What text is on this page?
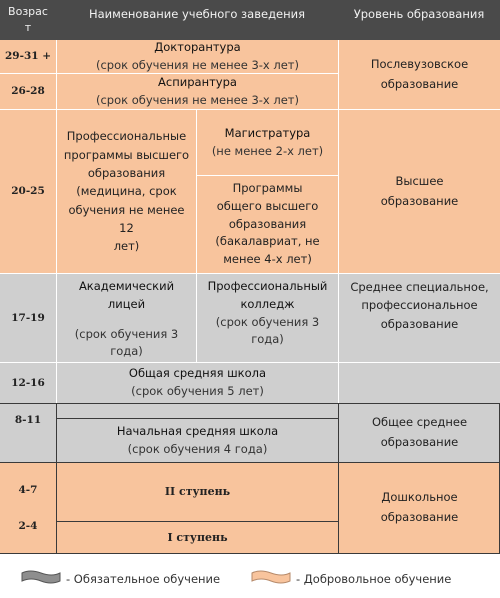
Возраст
Наименование учебного заведения	Уровень образования
29-31 +
26-28
20-25
17-19
12-16
8-11
4-7
2-4
Докторантура
(срок обучения не менее 3-х лет)
Аспирантура
(срок обучения не менее 3-х лет)
Профессиональные
программы высшего
образования
(медицина, срок
обучения не менее 12
лет)
Магистратура
(не менее 2-х лет)
Программы
общего высшего
образования
(бакалавриат, не
менее 4-х лет)
Академический лицей
(срок обучения 3
года)
Профессиональный
колледж
(срок обучения 3
года)
Общая средняя школа
(срок обучения 5 лет)
Начальная средняя школа
(срок обучения 4 года)
II ступень
I ступень
Послевузовское
образование
Высшее
образование
Среднее специальное,
профессиональное
образование
Общее среднее
образование
Дошкольное
образование
- Обязательное обучение	- Добровольное обучение
